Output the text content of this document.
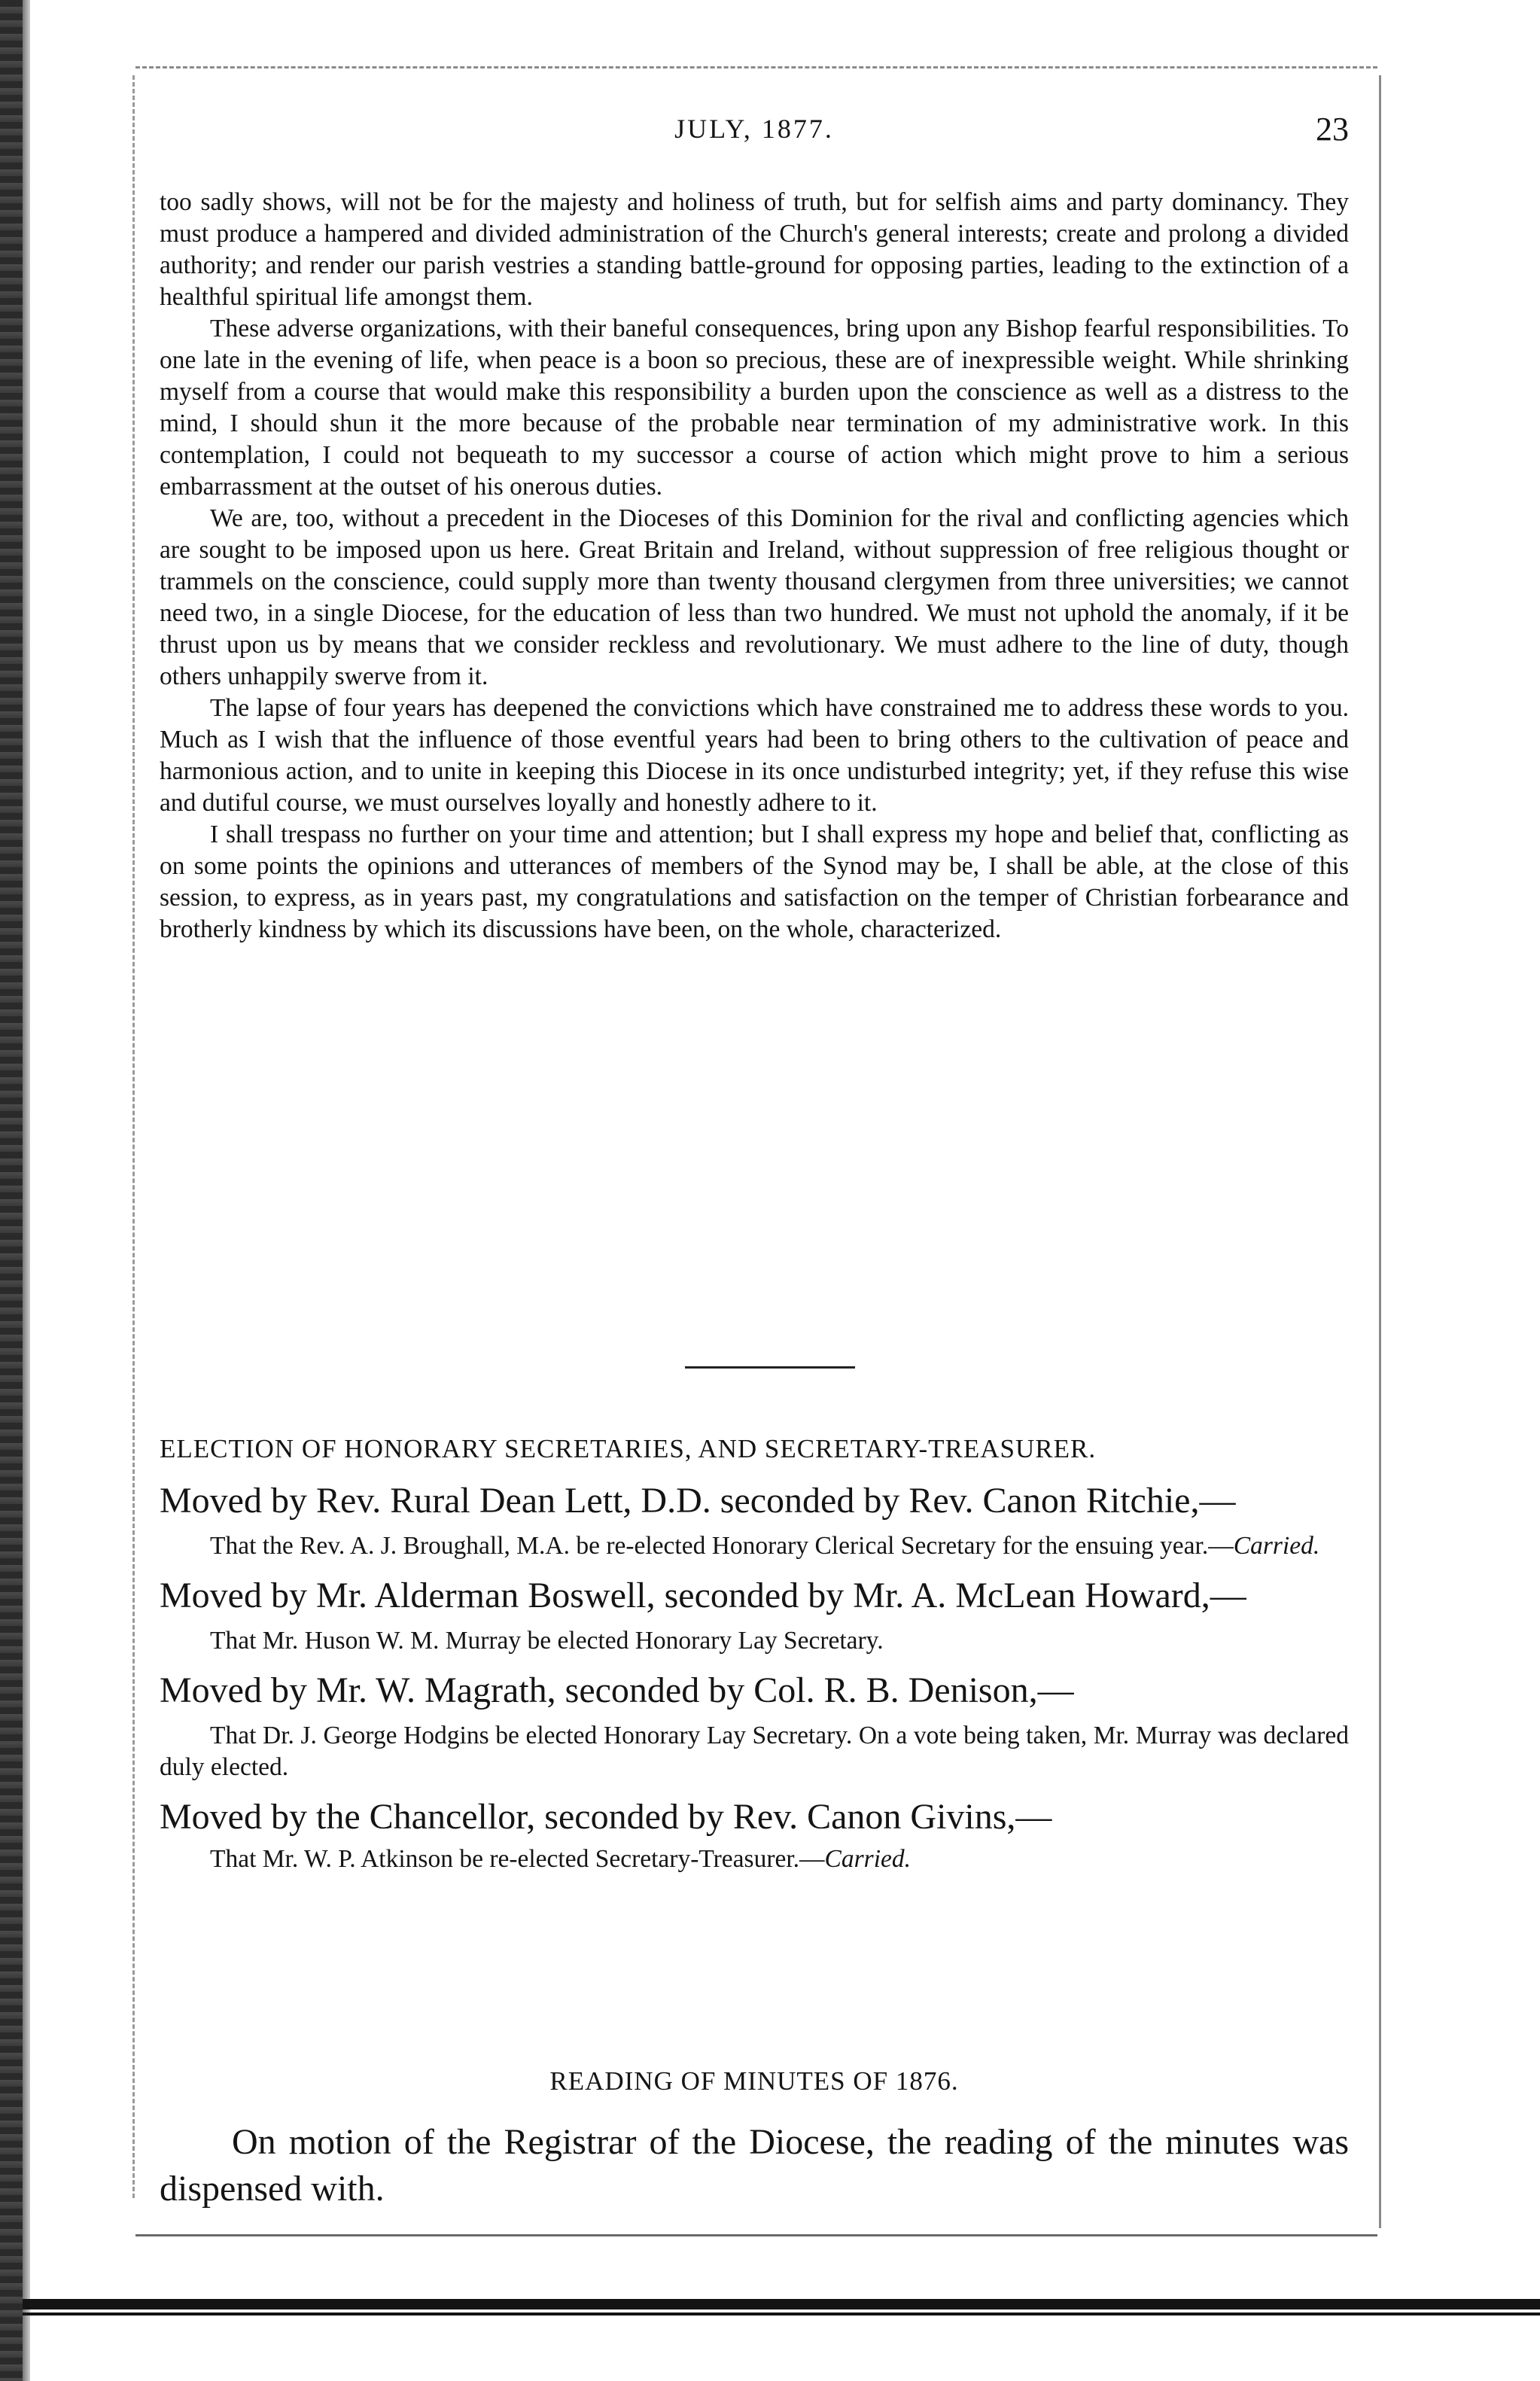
JULY, 1877.	23

too sadly shows, will not be for the majesty and holiness of truth, but for selfish aims and party dominancy. They must produce a hampered and divided administration of the Church's general interests; create and prolong a divided authority; and render our parish vestries a standing battle-ground for opposing parties, leading to the extinction of a healthful spiritual life amongst them.

These adverse organizations, with their baneful consequences, bring upon any Bishop fearful responsibilities. To one late in the evening of life, when peace is a boon so precious, these are of inexpressible weight. While shrinking myself from a course that would make this responsibility a burden upon the conscience as well as a distress to the mind, I should shun it the more because of the probable near termination of my administrative work. In this contemplation, I could not bequeath to my successor a course of action which might prove to him a serious embarrassment at the outset of his onerous duties.

We are, too, without a precedent in the Dioceses of this Dominion for the rival and conflicting agencies which are sought to be imposed upon us here. Great Britain and Ireland, without suppression of free religious thought or trammels on the conscience, could supply more than twenty thousand clergymen from three universities; we cannot need two, in a single Diocese, for the education of less than two hundred. We must not uphold the anomaly, if it be thrust upon us by means that we consider reckless and revolutionary. We must adhere to the line of duty, though others unhappily swerve from it.

The lapse of four years has deepened the convictions which have constrained me to address these words to you. Much as I wish that the influence of those eventful years had been to bring others to the cultivation of peace and harmonious action, and to unite in keeping this Diocese in its once undisturbed integrity; yet, if they refuse this wise and dutiful course, we must ourselves loyally and honestly adhere to it.

I shall trespass no further on your time and attention; but I shall express my hope and belief that, conflicting as on some points the opinions and utterances of members of the Synod may be, I shall be able, at the close of this session, to express, as in years past, my congratulations and satisfaction on the temper of Christian forbearance and brotherly kindness by which its discussions have been, on the whole, characterized.

ELECTION OF HONORARY SECRETARIES, AND SECRETARY-TREASURER.

Moved by Rev. Rural Dean Lett, D.D. seconded by Rev. Canon Ritchie,—

That the Rev. A. J. Broughall, M.A. be re-elected Honorary Clerical Secretary for the ensuing year.—Carried.

Moved by Mr. Alderman Boswell, seconded by Mr. A. McLean Howard,—

That Mr. Huson W. M. Murray be elected Honorary Lay Secretary.

Moved by Mr. W. Magrath, seconded by Col. R. B. Denison,—

That Dr. J. George Hodgins be elected Honorary Lay Secretary. On a vote being taken, Mr. Murray was declared duly elected.

Moved by the Chancellor, seconded by Rev. Canon Givins,—

That Mr. W. P. Atkinson be re-elected Secretary-Treasurer.—Carried.

READING OF MINUTES OF 1876.

On motion of the Registrar of the Diocese, the reading of the minutes was dispensed with.
